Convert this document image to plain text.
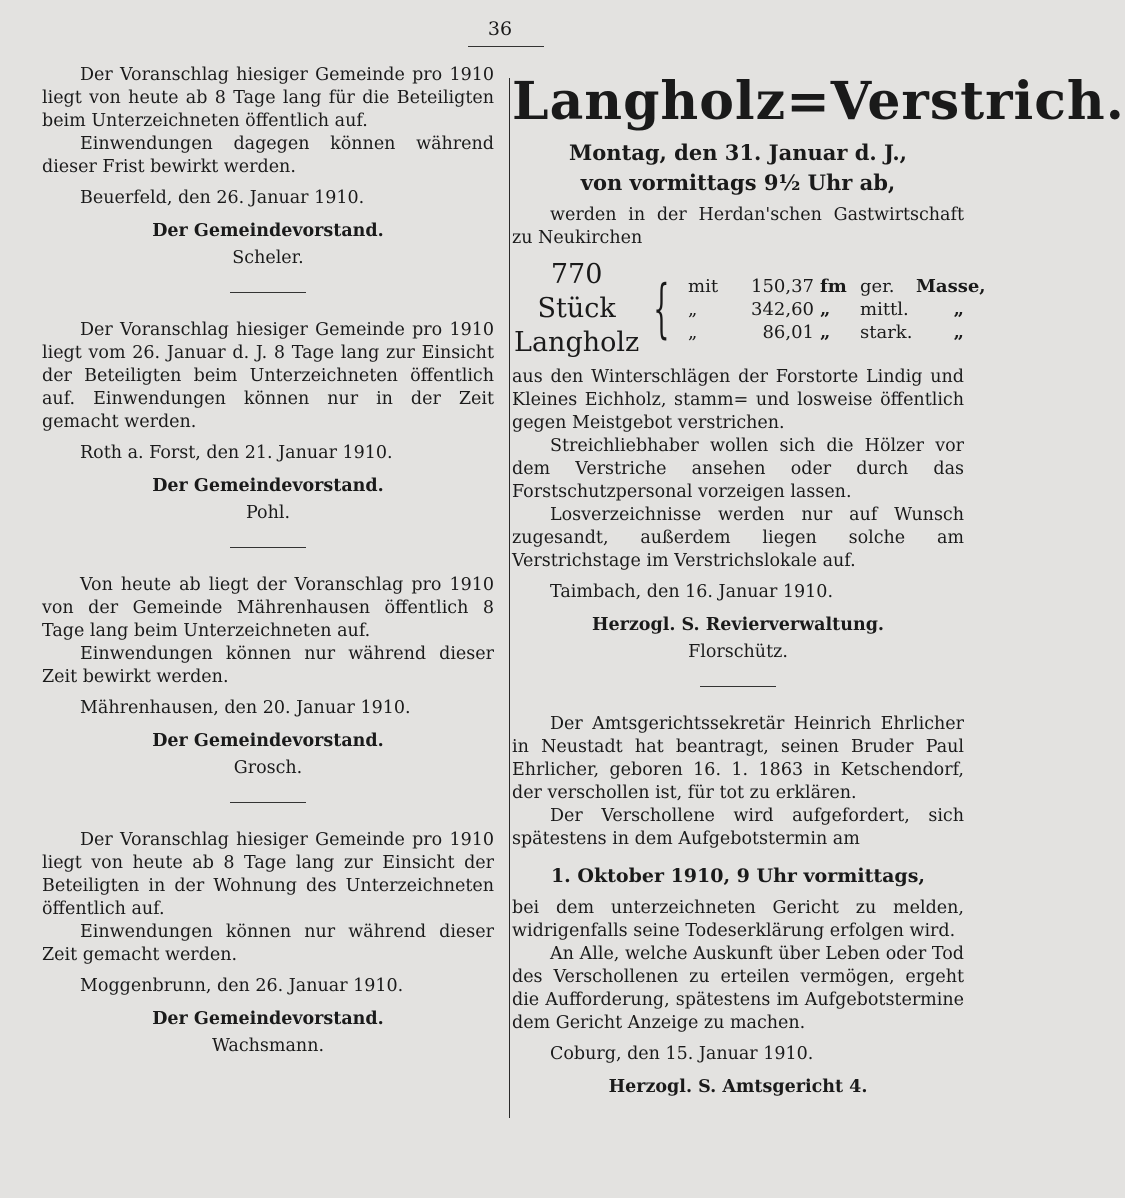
36

Der Voranschlag hiesiger Gemeinde pro 1910 liegt von heute ab 8 Tage lang für die Beteiligten beim Unterzeichneten öffentlich auf.

Einwendungen dagegen können während dieser Frist bewirkt werden.

Beuerfeld, den 26. Januar 1910.

Der Gemeindevorstand.

Scheler.

Der Voranschlag hiesiger Gemeinde pro 1910 liegt vom 26. Januar d. J. 8 Tage lang zur Einsicht der Beteiligten beim Unterzeichneten öffentlich auf. Einwendungen können nur in der Zeit gemacht werden.

Roth a. Forst, den 21. Januar 1910.

Der Gemeindevorstand.

Pohl.

Von heute ab liegt der Voranschlag pro 1910 von der Gemeinde Mährenhausen öffentlich 8 Tage lang beim Unterzeichneten auf.

Einwendungen können nur während dieser Zeit bewirkt werden.

Mährenhausen, den 20. Januar 1910.

Der Gemeindevorstand.

Grosch.

Der Voranschlag hiesiger Gemeinde pro 1910 liegt von heute ab 8 Tage lang zur Einsicht der Beteiligten in der Wohnung des Unterzeichneten öffentlich auf.

Einwendungen können nur während dieser Zeit gemacht werden.

Moggenbrunn, den 26. Januar 1910.

Der Gemeindevorstand.

Wachsmann.

Langholz=Verstrich.

Montag, den 31. Januar d. J.,

von vormittags 9½ Uhr ab,

werden in der Herdan'schen Gastwirtschaft zu Neukirchen

770 Stück
Langholz { mit	150,37 fm ger.	Masse,
„	342,60 „	mittl.	„
„	86,01 „	stark.	„

aus den Winterschlägen der Forstorte Lindig und Kleines Eichholz, stamm= und losweise öffentlich gegen Meistgebot verstrichen.

Streichliebhaber wollen sich die Hölzer vor dem Verstriche ansehen oder durch das Forstschutzpersonal vorzeigen lassen.

Losverzeichnisse werden nur auf Wunsch zugesandt, außerdem liegen solche am Verstrichstage im Verstrichslokale auf.

Taimbach, den 16. Januar 1910.

Herzogl. S. Revierverwaltung.

Florschütz.

Der Amtsgerichtssekretär Heinrich Ehrlicher in Neustadt hat beantragt, seinen Bruder Paul Ehrlicher, geboren 16. 1. 1863 in Ketschendorf, der verschollen ist, für tot zu erklären.

Der Verschollene wird aufgefordert, sich spätestens in dem Aufgebotstermin am

1. Oktober 1910, 9 Uhr vormittags,

bei dem unterzeichneten Gericht zu melden, widrigenfalls seine Todeserklärung erfolgen wird.

An Alle, welche Auskunft über Leben oder Tod des Verschollenen zu erteilen vermögen, ergeht die Aufforderung, spätestens im Aufgebotstermine dem Gericht Anzeige zu machen.

Coburg, den 15. Januar 1910.

Herzogl. S. Amtsgericht 4.
